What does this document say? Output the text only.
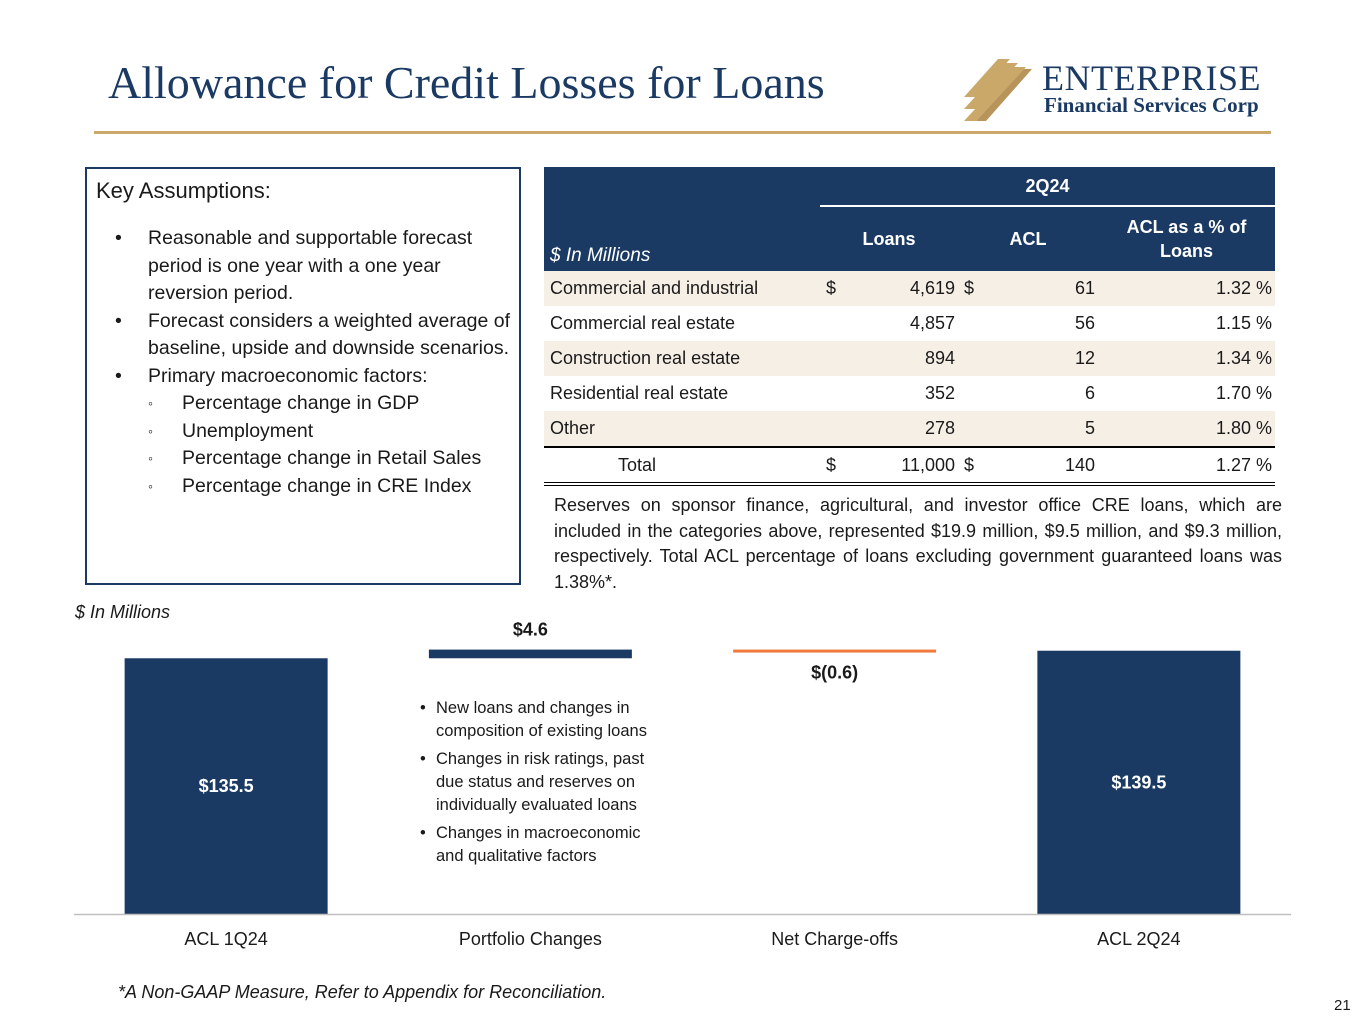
Allowance for Credit Losses for Loans	ENTERPRISE
Financial Services Corp
Key Assumptions:
• Reasonable and supportable forecast period is one year with a one year reversion period.
• Forecast considers a weighted average of baseline, upside and downside scenarios.
• Primary macroeconomic factors:
◦ Percentage change in GDP
◦ Unemployment
◦ Percentage change in Retail Sales
◦ Percentage change in CRE Index
$ In Millions	2Q24				
	Loans		ACL		ACL as a % of Loans
Commercial and industrial	$	4,619	$	61	1.32 %
Commercial real estate		4,857		56	1.15 %
Construction real estate		894		12	1.34 %
Residential real estate		352		6	1.70 %
Other		278		5	1.80 %
Total	$	11,000	$	140	1.27 %

Reserves on sponsor finance, agricultural, and investor office CRE loans, which are included in the categories above, represented $19.9 million, $9.5 million, and $9.3 million, respectively. Total ACL percentage of loans excluding government guaranteed loans was 1.38%*.

$ In Millions
$135.5
ACL 1Q24
$4.6
Portfolio Changes
$(0.6)
Net Charge-offs
$139.5
ACL 2Q24
• New loans and changes in composition of existing loans
• Changes in risk ratings, past due status and reserves on individually evaluated loans
• Changes in macroeconomic and qualitative factors
*A Non-GAAP Measure, Refer to Appendix for Reconciliation.
21
